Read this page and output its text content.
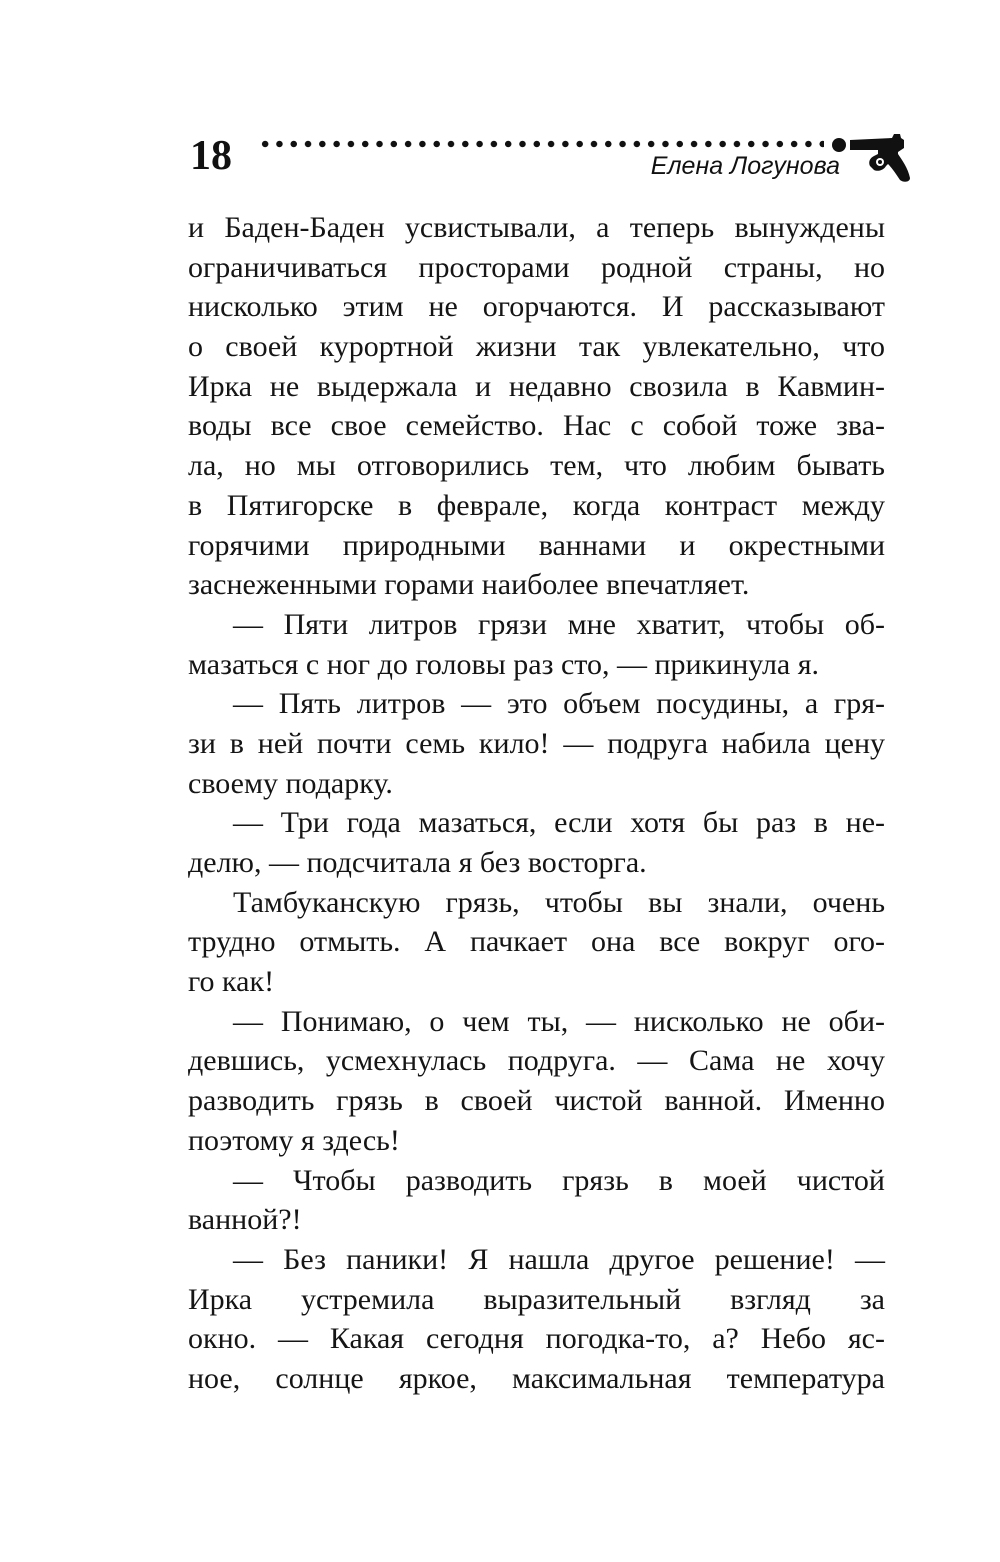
18	Елена Логунова
и Баден-Баден усвистывали, а теперь вынуждены
ограничиваться просторами родной страны, но
нисколько этим не огорчаются. И рассказывают
о своей курортной жизни так увлекательно, что
Ирка не выдержала и недавно свозила в Кавмин-
воды все свое семейство. Нас с собой тоже зва-
ла, но мы отговорились тем, что любим бывать
в Пятигорске в феврале, когда контраст между
горячими природными ваннами и окрестными
заснеженными горами наиболее впечатляет.
— Пяти литров грязи мне хватит, чтобы об-
мазаться с ног до головы раз сто, — прикинула я.
— Пять литров — это объем посудины, а гря-
зи в ней почти семь кило! — подруга набила цену
своему подарку.
— Три года мазаться, если хотя бы раз в не-
делю, — подсчитала я без восторга.
Тамбуканскую грязь, чтобы вы знали, очень
трудно отмыть. А пачкает она все вокруг ого-
го как!
— Понимаю, о чем ты, — нисколько не оби-
девшись, усмехнулась подруга. — Сама не хочу
разводить грязь в своей чистой ванной. Именно
поэтому я здесь!
— Чтобы разводить грязь в моей чистой
ванной?!
— Без паники! Я нашла другое решение! —
Ирка устремила выразительный взгляд за
окно. — Какая сегодня погодка-то, а? Небо яс-
ное, солнце яркое, максимальная температура
